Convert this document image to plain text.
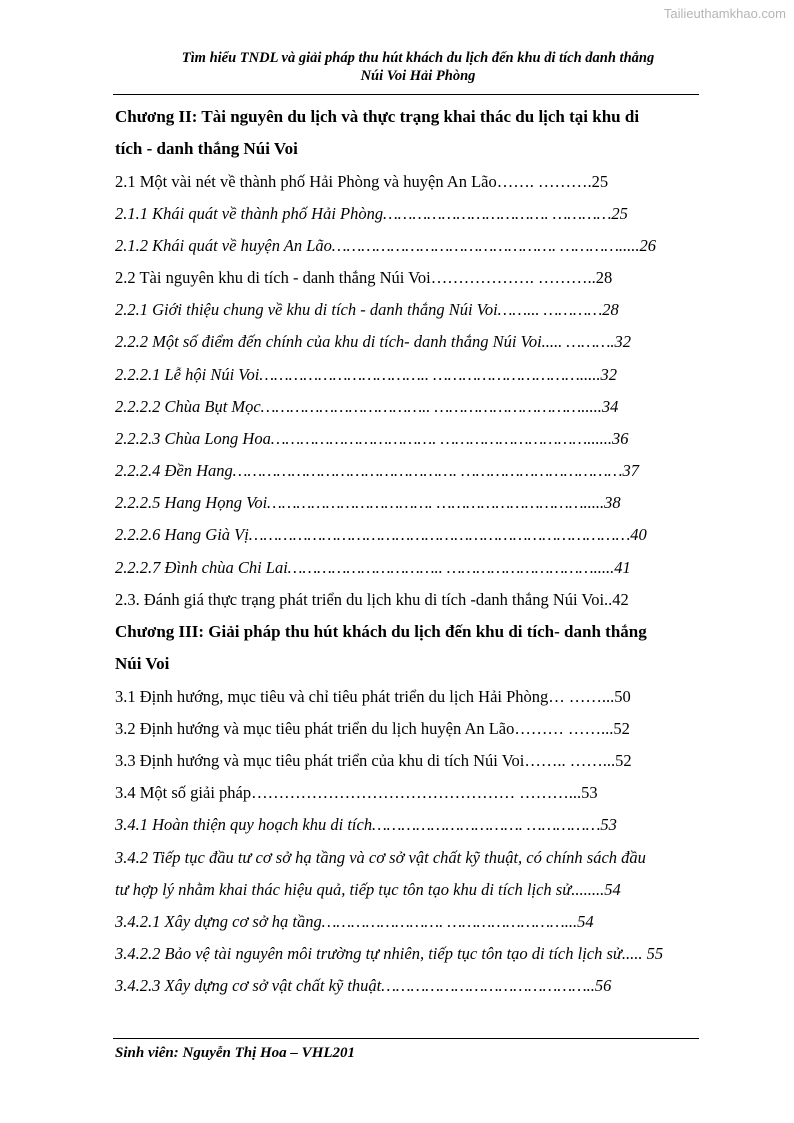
Tailieuthamkhao.com
Tìm hiểu TNDL và giải pháp thu hút khách du lịch đến khu di tích danh thắng
Núi Voi Hải Phòng
Chương II: Tài nguyên du lịch và thực trạng khai thác du lịch tại khu di
tích - danh thắng Núi Voi
2.1 Một vài nét về thành phố Hải Phòng và huyện An Lão……. ……….25
2.1.1 Khái quát về thành phố Hải Phòng……………………………. …………25
2.1.2 Khái quát về huyện An Lão………………………………………. ………….....26
2.2 Tài nguyên khu di tích - danh thắng Núi Voi………………. ………..28
2.2.1 Giới thiệu chung về khu di tích - danh thắng Núi Voi……... …………28
2.2.2 Một số điểm đến chính của khu di tích- danh thắng Núi Voi..... ……….32
2.2.2.1 Lễ hội Núi Voi…………………………….. ………………………….....32
2.2.2.2 Chùa Bụt Mọc…………………………….. ………………………….....34
2.2.2.3 Chùa Long Hoa……………………………. …………………………......36
2.2.2.4 Đền Hang………………………………………. ……………………………37
2.2.2.5 Hang Họng Voi……………………………. ………………………….....38
2.2.2.6 Hang Già Vị……………………………………………………………………40
2.2.2.7 Đình chùa Chi Lai………………………….. ………………………….....41
2.3. Đánh giá thực trạng phát triển du lịch khu di tích -danh thắng Núi Voi..42
Chương III: Giải pháp thu hút khách du lịch đến khu di tích- danh thắng
Núi Voi
3.1 Định hướng, mục tiêu và chỉ tiêu phát triển du lịch Hải Phòng… ……...50
3.2 Định hướng và mục tiêu phát triển du lịch huyện An Lão……… ……...52
3.3 Định hướng và mục tiêu phát triển của khu di tích Núi Voi…….. ……...52
3.4 Một số giải pháp………………………………………… ………...53
3.4.1 Hoàn thiện quy hoạch khu di tích…………………………. ……………53
3.4.2 Tiếp tục đầu tư cơ sở hạ tầng và cơ sở vật chất kỹ thuật, có chính sách đầu
tư hợp lý nhằm khai thác hiệu quả, tiếp tục tôn tạo khu di tích lịch sử........54
3.4.2.1 Xây dựng cơ sở hạ tầng……………………. ……………………...54
3.4.2.2 Bảo vệ tài nguyên môi trường tự nhiên, tiếp tục tôn tạo di tích lịch sử..... 55
3.4.2.3 Xây dựng cơ sở vật chất kỹ thuật……………………………………..56
Sinh viên: Nguyễn Thị Hoa – VHL201
